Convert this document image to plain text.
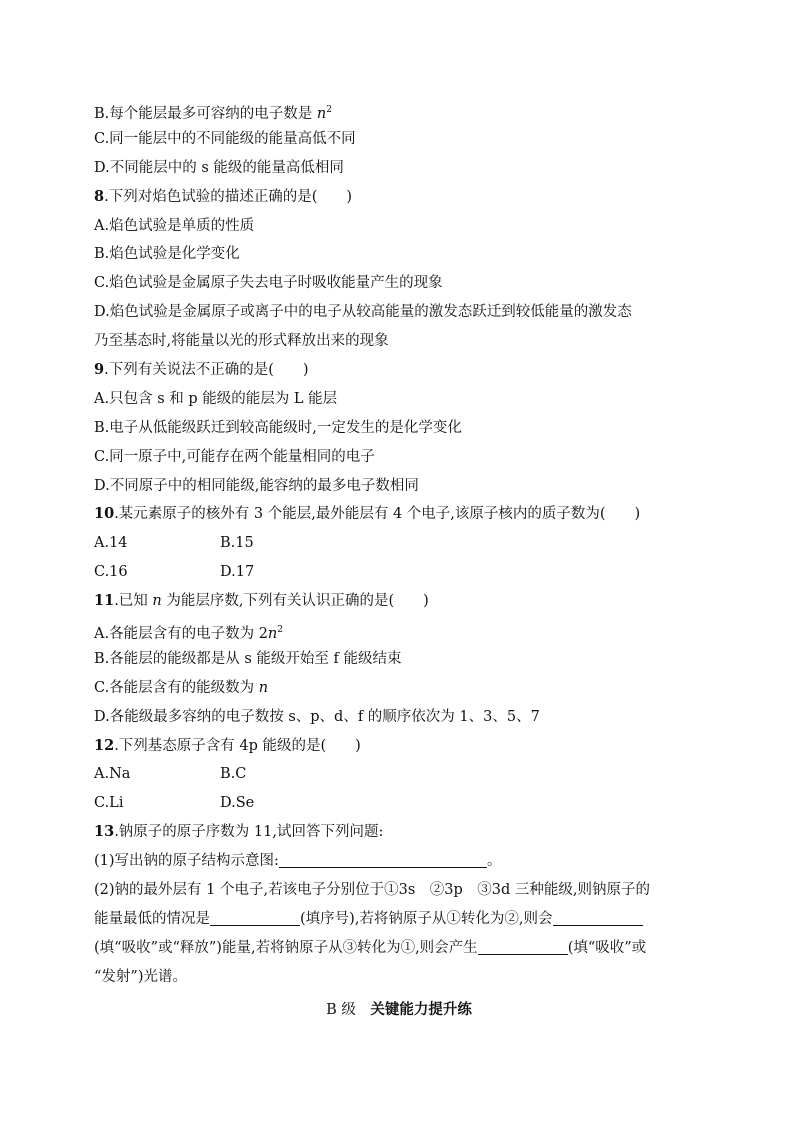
B.每个能层最多可容纳的电子数是 $n^2$
C.同一能层中的不同能级的能量高低不同
D.不同能层中的 s 能级的能量高低相同
8.下列对焰色试验的描述正确的是(　　)
A.焰色试验是单质的性质
B.焰色试验是化学变化
C.焰色试验是金属原子失去电子时吸收能量产生的现象
D.焰色试验是金属原子或离子中的电子从较高能量的激发态跃迁到较低能量的激发态
乃至基态时,将能量以光的形式释放出来的现象
9.下列有关说法不正确的是(　　)
A.只包含 s 和 p 能级的能层为 L 能层
B.电子从低能级跃迁到较高能级时,一定发生的是化学变化
C.同一原子中,可能存在两个能量相同的电子
D.不同原子中的相同能级,能容纳的最多电子数相同
10.某元素原子的核外有 3 个能层,最外能层有 4 个电子,该原子核内的质子数为(　　)
A.14	B.15
C.16	D.17
11.已知 n 为能层序数,下列有关认识正确的是(　　)
A.各能层含有的电子数为 $2n^2$
B.各能层的能级都是从 s 能级开始至 f 能级结束
C.各能层含有的能级数为 n
D.各能级最多容纳的电子数按 s、p、d、f 的顺序依次为 1、3、5、7
12.下列基态原子含有 4p 能级的是(　　)
A.Na	B.C
C.Li	D.Se
13.钠原子的原子序数为 11,试回答下列问题:
(1)写出钠的原子结构示意图:	。
(2)钠的最外层有 1 个电子,若该电子分别位于①3s　②3p　③3d 三种能级,则钠原子的
能量最低的情况是	(填序号),若将钠原子从①转化为②,则会
(填“吸收”或“释放”)能量,若将钠原子从③转化为①,则会产生	(填“吸收”或
“发射”)光谱。
B 级　 关键能力提升练
